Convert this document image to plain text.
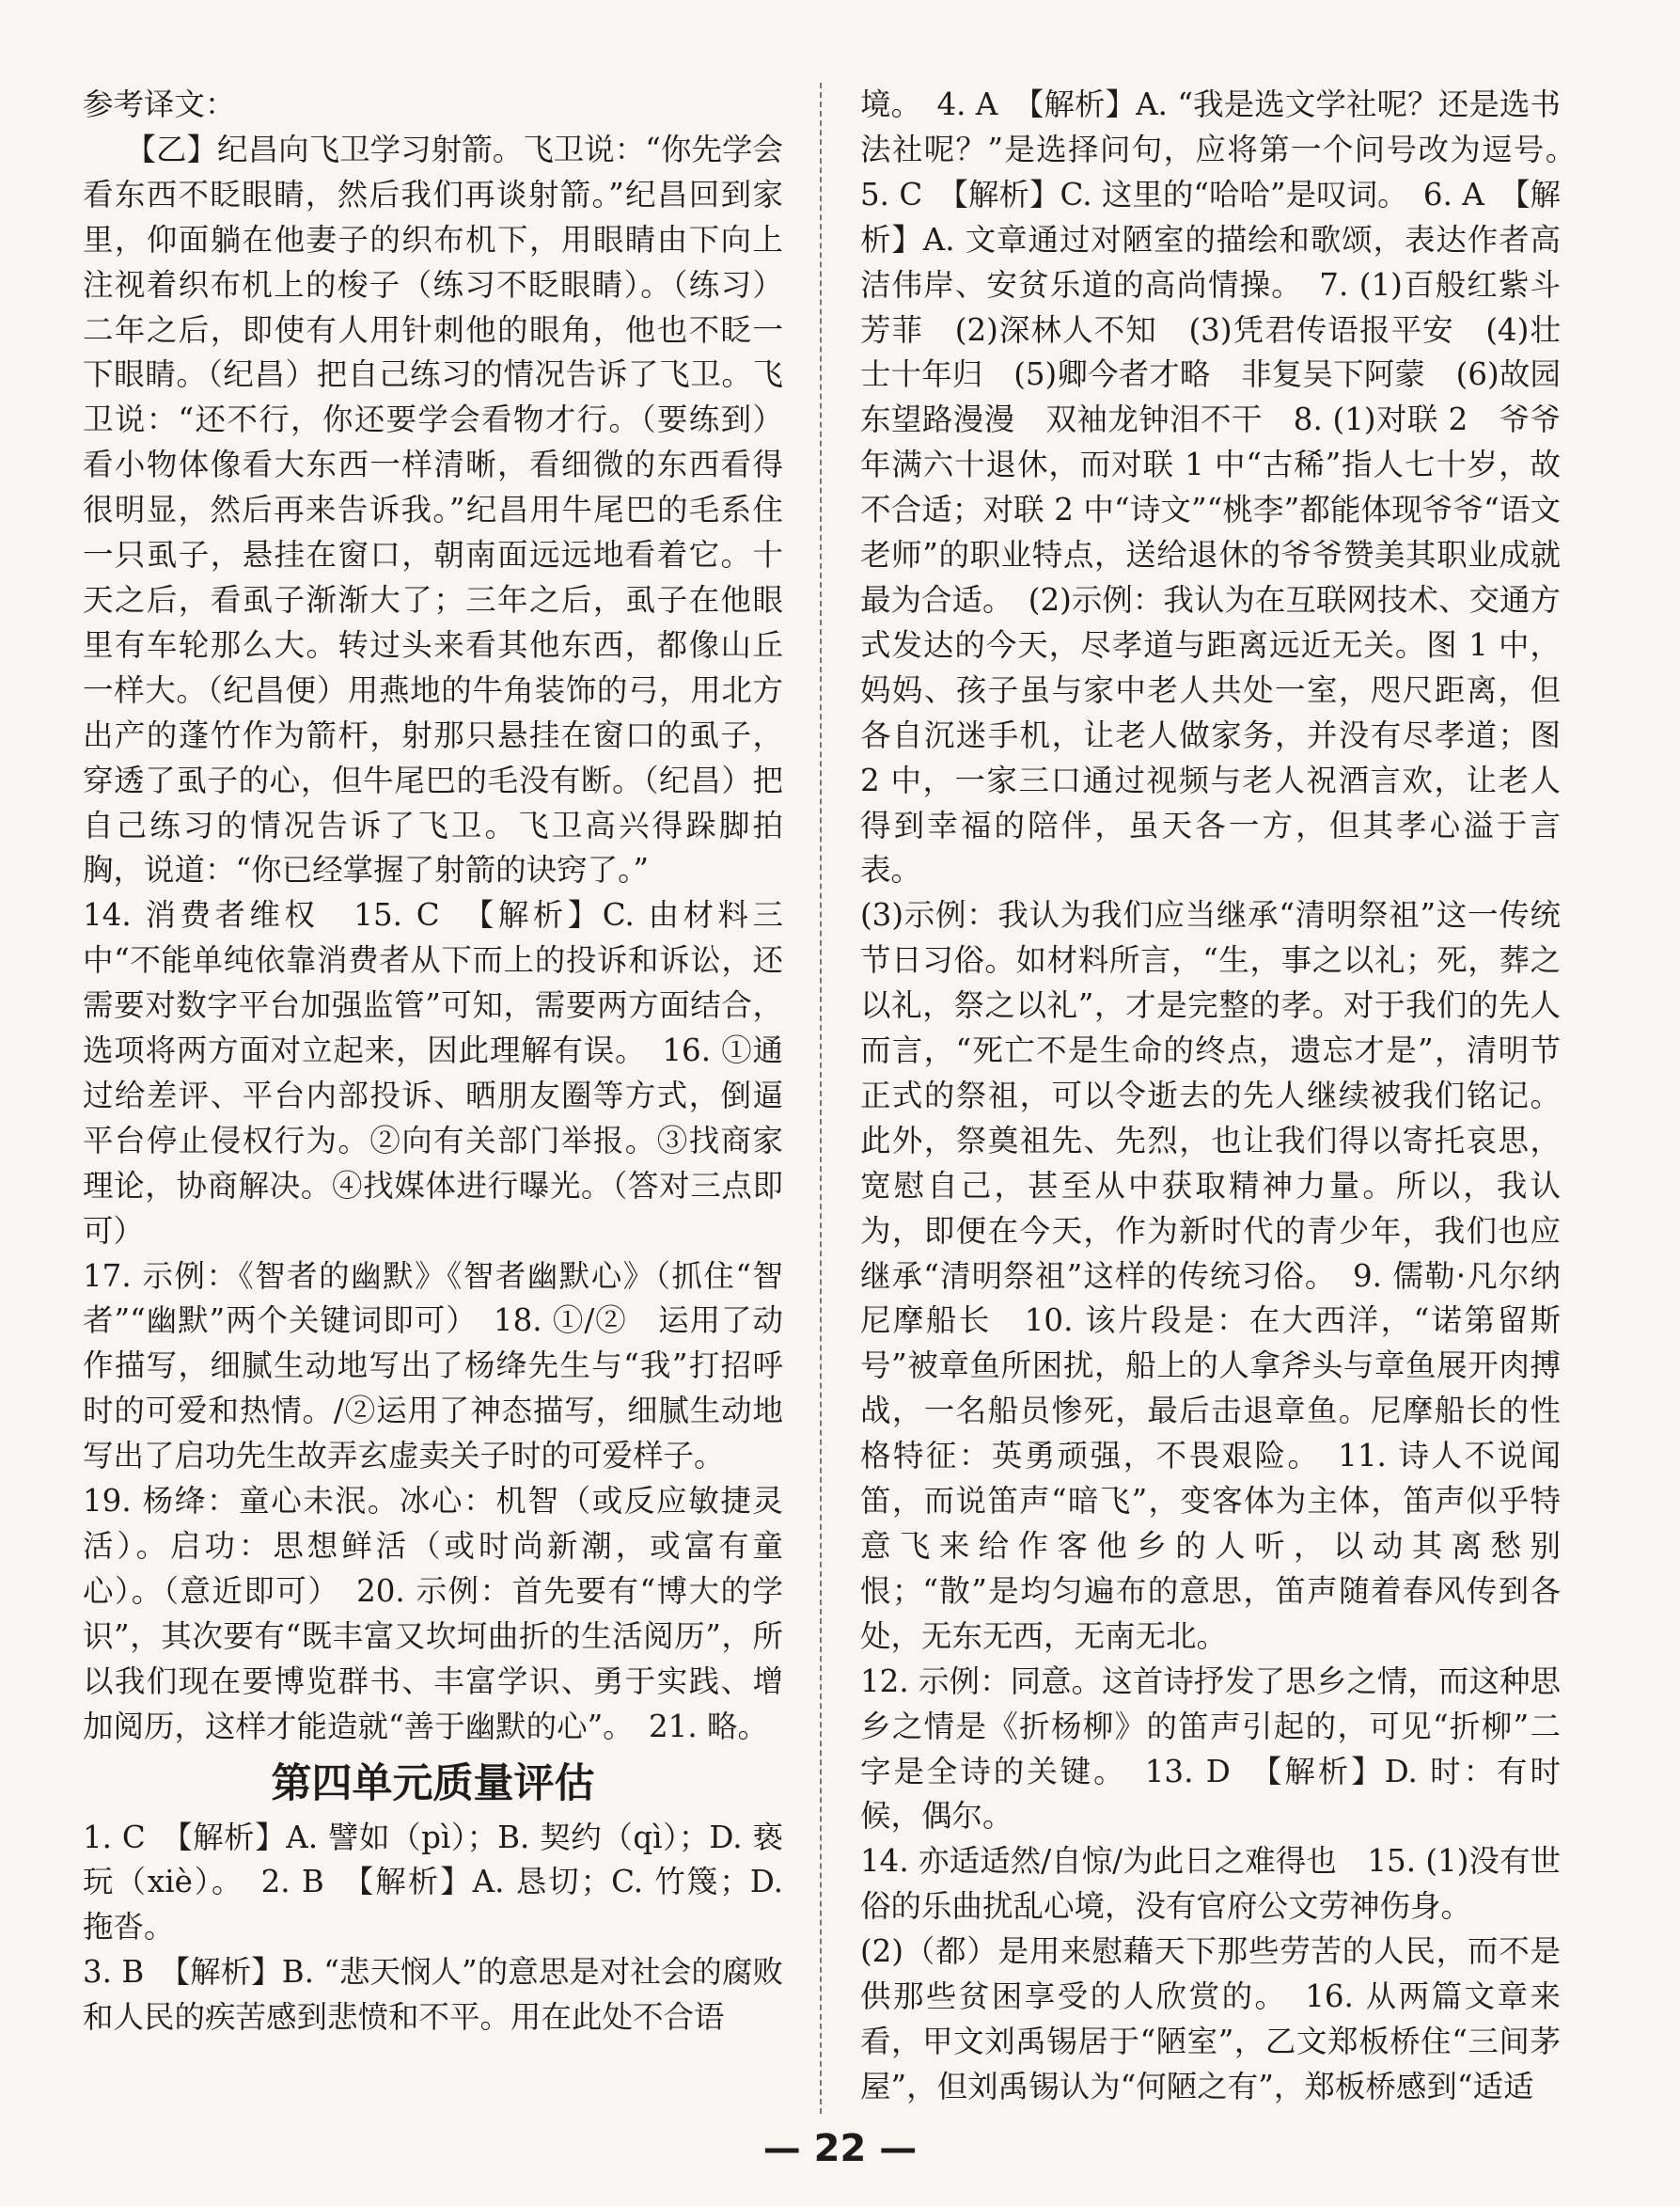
参考译文：

【乙】纪昌向飞卫学习射箭。飞卫说：“你先学会看东西不眨眼睛，然后我们再谈射箭。”纪昌回到家里，仰面躺在他妻子的织布机下，用眼睛由下向上注视着织布机上的梭子（练习不眨眼睛）。（练习）二年之后，即使有人用针刺他的眼角，他也不眨一下眼睛。（纪昌）把自己练习的情况告诉了飞卫。飞卫说：“还不行，你还要学会看物才行。（要练到）看小物体像看大东西一样清晰，看细微的东西看得很明显，然后再来告诉我。”纪昌用牛尾巴的毛系住一只虱子，悬挂在窗口，朝南面远远地看着它。十天之后，看虱子渐渐大了；三年之后，虱子在他眼里有车轮那么大。转过头来看其他东西，都像山丘一样大。（纪昌便）用燕地的牛角装饰的弓，用北方出产的蓬竹作为箭杆，射那只悬挂在窗口的虱子，穿透了虱子的心，但牛尾巴的毛没有断。（纪昌）把自己练习的情况告诉了飞卫。飞卫高兴得跺脚拍胸，说道：“你已经掌握了射箭的诀窍了。”

14. 消费者维权　15. C　【解析】C. 由材料三中“不能单纯依靠消费者从下而上的投诉和诉讼，还需要对数字平台加强监管”可知，需要两方面结合，选项将两方面对立起来，因此理解有误。　16. ①通过给差评、平台内部投诉、晒朋友圈等方式，倒逼平台停止侵权行为。②向有关部门举报。③找商家理论，协商解决。④找媒体进行曝光。（答对三点即可）

17. 示例：《智者的幽默》《智者幽默心》（抓住“智者”“幽默”两个关键词即可）　18. ①/②　运用了动作描写，细腻生动地写出了杨绛先生与“我”打招呼时的可爱和热情。/②运用了神态描写，细腻生动地写出了启功先生故弄玄虚卖关子时的可爱样子。

19. 杨绛：童心未泯。冰心：机智（或反应敏捷灵活）。启功：思想鲜活（或时尚新潮，或富有童心）。（意近即可）　20. 示例：首先要有“博大的学识”，其次要有“既丰富又坎坷曲折的生活阅历”，所以我们现在要博览群书、丰富学识、勇于实践、增加阅历，这样才能造就“善于幽默的心”。　21. 略。

第四单元质量评估

1. C　【解析】A. 譬如（pì）；B. 契约（qì）；D. 亵玩（xiè）。　2. B　【解析】A. 恳切；C. 竹篾；D. 拖沓。

3. B　【解析】B. “悲天悯人”的意思是对社会的腐败和人民的疾苦感到悲愤和不平。用在此处不合语

境。　4. A　【解析】A. “我是选文学社呢？还是选书法社呢？”是选择问句，应将第一个问号改为逗号。　5. C　【解析】C. 这里的“哈哈”是叹词。　6. A　【解析】A. 文章通过对陋室的描绘和歌颂，表达作者高洁伟岸、安贫乐道的高尚情操。　7. (1)百般红紫斗芳菲　(2)深林人不知　(3)凭君传语报平安　(4)壮士十年归　(5)卿今者才略　非复吴下阿蒙　(6)故园东望路漫漫　双袖龙钟泪不干　8. (1)对联 2　爷爷年满六十退休，而对联 1 中“古稀”指人七十岁，故不合适；对联 2 中“诗文”“桃李”都能体现爷爷“语文老师”的职业特点，送给退休的爷爷赞美其职业成就最为合适。　(2)示例：我认为在互联网技术、交通方式发达的今天，尽孝道与距离远近无关。图 1 中，妈妈、孩子虽与家中老人共处一室，咫尺距离，但各自沉迷手机，让老人做家务，并没有尽孝道；图 2 中，一家三口通过视频与老人祝酒言欢，让老人得到幸福的陪伴，虽天各一方，但其孝心溢于言表。

(3)示例：我认为我们应当继承“清明祭祖”这一传统节日习俗。如材料所言，“生，事之以礼；死，葬之以礼，祭之以礼”，才是完整的孝。对于我们的先人而言，“死亡不是生命的终点，遗忘才是”，清明节正式的祭祖，可以令逝去的先人继续被我们铭记。此外，祭奠祖先、先烈，也让我们得以寄托哀思，宽慰自己，甚至从中获取精神力量。所以，我认为，即便在今天，作为新时代的青少年，我们也应继承“清明祭祖”这样的传统习俗。　9. 儒勒·凡尔纳　尼摩船长　10. 该片段是：在大西洋，“诺第留斯号”被章鱼所困扰，船上的人拿斧头与章鱼展开肉搏战，一名船员惨死，最后击退章鱼。尼摩船长的性格特征：英勇顽强，不畏艰险。　11. 诗人不说闻笛，而说笛声“暗飞”，变客体为主体，笛声似乎特意飞来给作客他乡的人听，以动其离愁别恨；“散”是均匀遍布的意思，笛声随着春风传到各处，无东无西，无南无北。

12. 示例：同意。这首诗抒发了思乡之情，而这种思乡之情是《折杨柳》的笛声引起的，可见“折柳”二字是全诗的关键。　13. D　【解析】D. 时：有时候，偶尔。

14. 亦适适然/自惊/为此日之难得也　15. (1)没有世俗的乐曲扰乱心境，没有官府公文劳神伤身。

(2)（都）是用来慰藉天下那些劳苦的人民，而不是供那些贫困享受的人欣赏的。　16. 从两篇文章来看，甲文刘禹锡居于“陋室”，乙文郑板桥住“三间茅屋”，但刘禹锡认为“何陋之有”，郑板桥感到“适适

— 22 —
